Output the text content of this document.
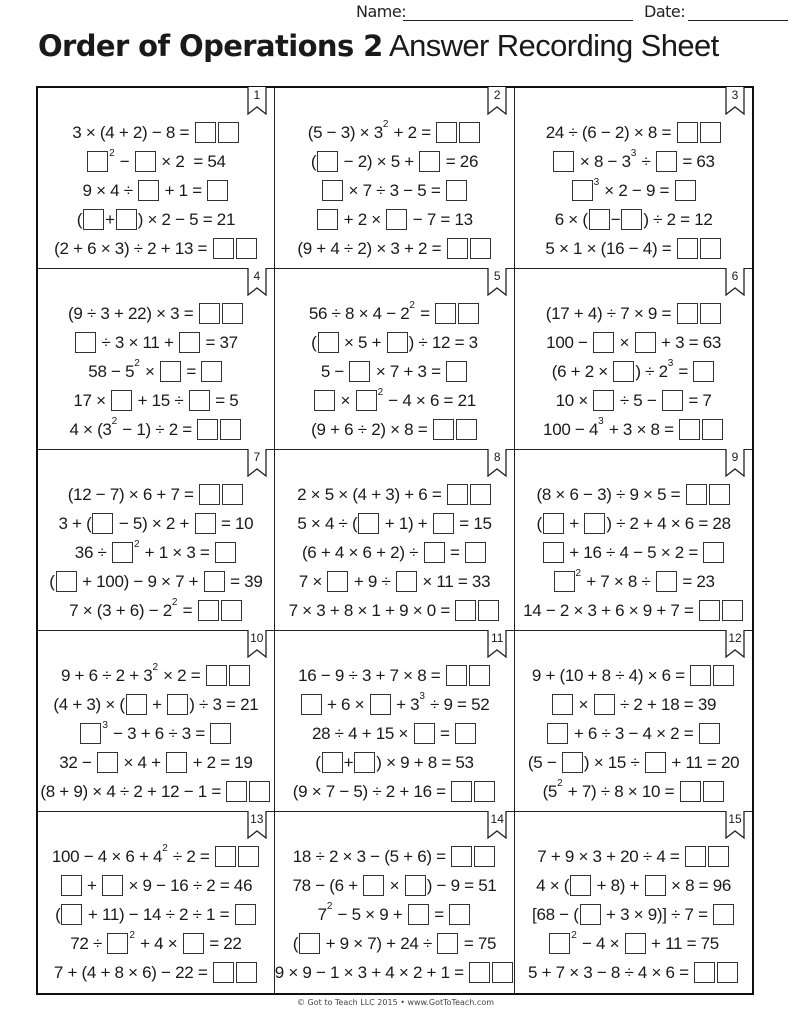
Name:	Date:
Order of Operations 2 Answer Recording Sheet
1
3 × (4 + 2) − 8 =
2 − × 2  = 54
9 × 4 ÷ + 1 =
( + ) × 2 − 5 = 21
(2 + 6 × 3) ÷ 2 + 13 =
2
(5 − 3) × 3 2 + 2 =
( − 2) × 5 + = 26
× 7 ÷ 3 − 5 =
+ 2 × − 7 = 13
(9 + 4 ÷ 2) × 3 + 2 =
3
24 ÷ (6 − 2) × 8 =
× 8 − 3 3 ÷ = 63
3 × 2 − 9 =
6 × ( − ) ÷ 2 = 12
5 × 1 × (16 − 4) =
4
(9 ÷ 3 + 22) × 3 =
÷ 3 × 11 + = 37
58 − 5 2 × =
17 × + 15 ÷ = 5
4 × (3 2 − 1) ÷ 2 =
5
56 ÷ 8 × 4 − 2 2 =
( × 5 + ) ÷ 12 = 3
5 − × 7 + 3 =
× 2 − 4 × 6 = 21
(9 + 6 ÷ 2) × 8 =
6
(17 + 4) ÷ 7 × 9 =
100 − × + 3 = 63
(6 + 2 × ) ÷ 2 3 =
10 × ÷ 5 − = 7
100 − 4 3 + 3 × 8 =
7
(12 − 7) × 6 + 7 =
3 + ( − 5) × 2 + = 10
36 ÷ 2 + 1 × 3 =
( + 100) − 9 × 7 + = 39
7 × (3 + 6) − 2 2 =
8
2 × 5 × (4 + 3) + 6 =
5 × 4 ÷ ( + 1) + = 15
(6 + 4 × 6 + 2) ÷ =
7 × + 9 ÷ × 11 = 33
7 × 3 + 8 × 1 + 9 × 0 =
9
(8 × 6 − 3) ÷ 9 × 5 =
( + ) ÷ 2 + 4 × 6 = 28
+ 16 ÷ 4 − 5 × 2 =
2 + 7 × 8 ÷ = 23
14 − 2 × 3 + 6 × 9 + 7 =
10
9 + 6 ÷ 2 + 3 2 × 2 =
(4 + 3) × ( + ) ÷ 3 = 21
3 − 3 + 6 ÷ 3 =
32 − × 4 + + 2 = 19
(8 + 9) × 4 ÷ 2 + 12 − 1 =
11
16 − 9 ÷ 3 + 7 × 8 =
+ 6 × + 3 3 ÷ 9 = 52
28 ÷ 4 + 15 × =
( + ) × 9 + 8 = 53
(9 × 7 − 5) ÷ 2 + 16 =
12
9 + (10 + 8 ÷ 4) × 6 =
× ÷ 2 + 18 = 39
+ 6 ÷ 3 − 4 × 2 =
(5 − ) × 15 ÷ + 11 = 20
(5 2 + 7) ÷ 8 × 10 =
13
100 − 4 × 6 + 4 2 ÷ 2 =
+ × 9 − 16 ÷ 2 = 46
( + 11) − 14 ÷ 2 ÷ 1 =
72 ÷ 2 + 4 × = 22
7 + (4 + 8 × 6) − 22 =
14
18 ÷ 2 × 3 − (5 + 6) =
78 − (6 + × ) − 9 = 51
7 2 − 5 × 9 + =
( + 9 × 7) + 24 ÷ = 75
9 × 9 − 1 × 3 + 4 × 2 + 1 =
15
7 + 9 × 3 + 20 ÷ 4 =
4 × ( + 8) + × 8 = 96
[68 − ( + 3 × 9)] ÷ 7 =
2 − 4 × + 11 = 75
5 + 7 × 3 − 8 ÷ 4 × 6 =
© Got to Teach LLC 2015 • www.GotToTeach.com
